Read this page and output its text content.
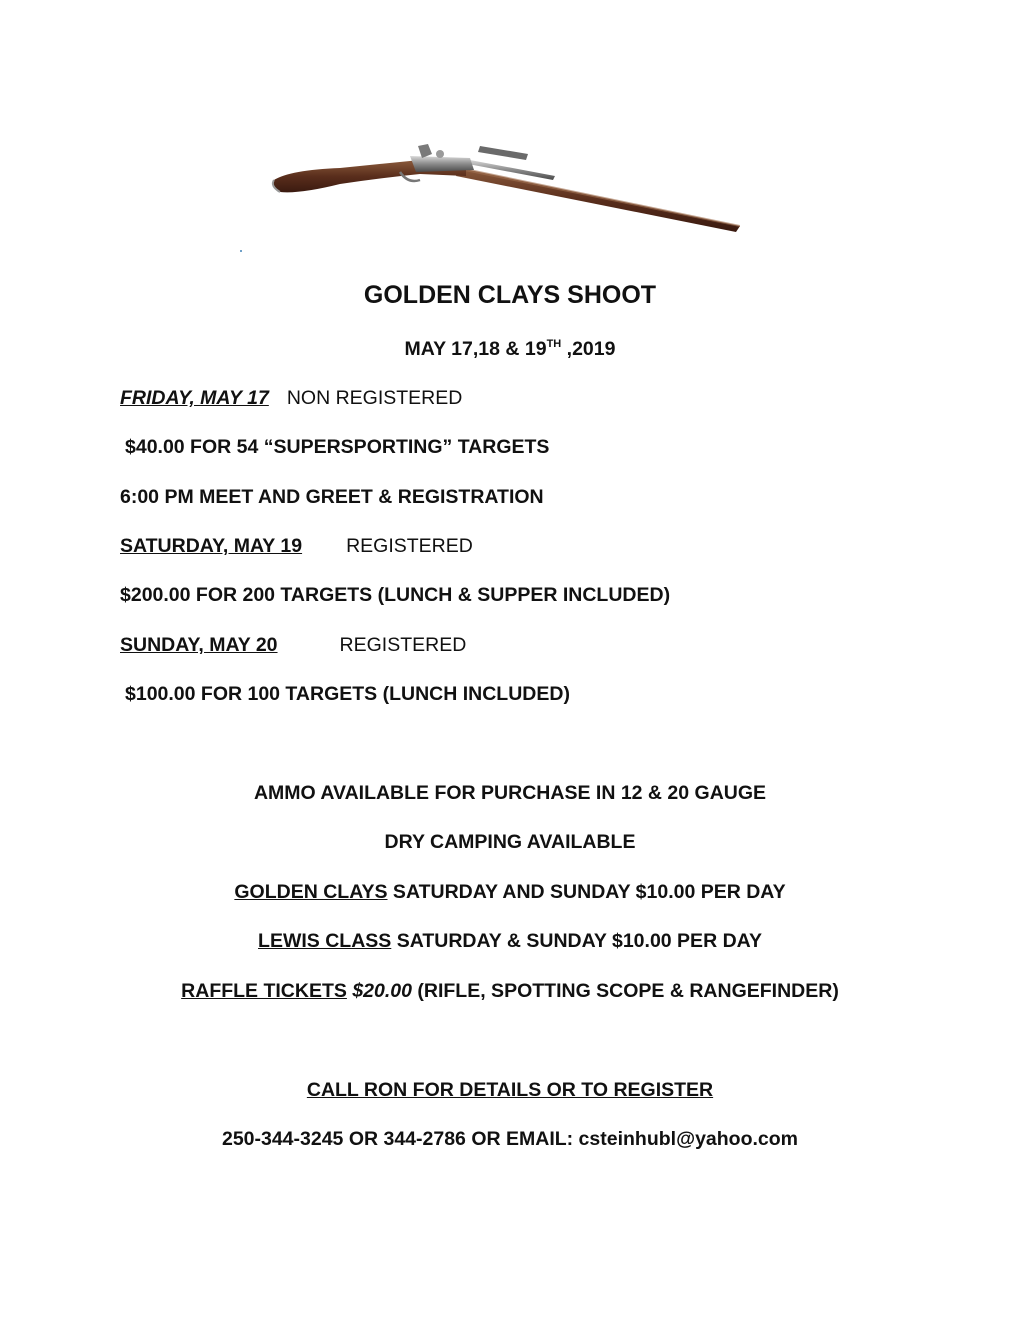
GOLDEN CLAYS SHOOT
MAY 17,18 & 19TH ,2019
FRIDAY, MAY 17 NON REGISTERED
$40.00 FOR 54 “SUPERSPORTING” TARGETS
6:00 PM MEET AND GREET & REGISTRATION
SATURDAY, MAY 19 REGISTERED
$200.00 FOR 200 TARGETS (LUNCH & SUPPER INCLUDED)
SUNDAY, MAY 20	REGISTERED
$100.00 FOR 100 TARGETS (LUNCH INCLUDED)
AMMO AVAILABLE FOR PURCHASE IN 12 & 20 GAUGE
DRY CAMPING AVAILABLE
GOLDEN CLAYS SATURDAY AND SUNDAY $10.00 PER DAY
LEWIS CLASS SATURDAY & SUNDAY $10.00 PER DAY
RAFFLE TICKETS $20.00 (RIFLE, SPOTTING SCOPE & RANGEFINDER)
CALL RON FOR DETAILS OR TO REGISTER
250-344-3245 OR 344-2786 OR EMAIL: csteinhubl@yahoo.com
